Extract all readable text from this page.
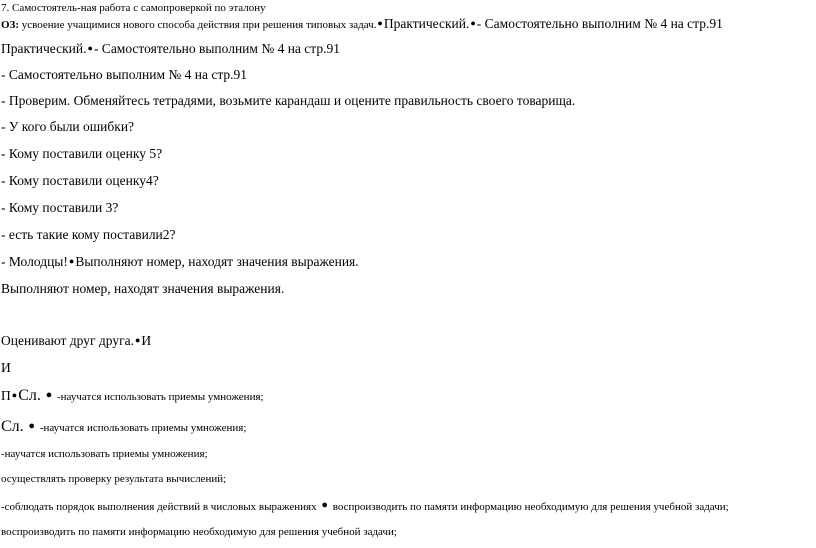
7. Самостоятель-ная работа с самопроверкой по эталону
ОЗ: усвоение учащимися нового способа действия при решения типовых задач.●Практический.●- Самостоятельно выполним № 4 на стр.91
Практический.●- Самостоятельно выполним № 4 на стр.91
- Самостоятельно выполним № 4 на стр.91
- Проверим. Обменяйтесь тетрадями, возьмите карандаш и оцените правильность своего товарища.
- У кого были ошибки?
- Кому поставили оценку 5?
- Кому поставили оценку4?
- Кому поставили 3?
- есть такие кому поставили2?
- Молодцы!●Выполняют номер, находят значения выражения.
Выполняют номер, находят значения выражения.
Оценивают друг друга.●И
И
П●Сл. ● -научатся использовать приемы умножения;
Сл. ● -научатся использовать приемы умножения;
-научатся использовать приемы умножения;
осуществлять проверку результата вычислений;
-соблюдать порядок выполнения действий в числовых выражениях ● воспроизводить по памяти информацию необходимую для решения учебной задачи;
воспроизводить по памяти информацию необходимую для решения учебной задачи;
